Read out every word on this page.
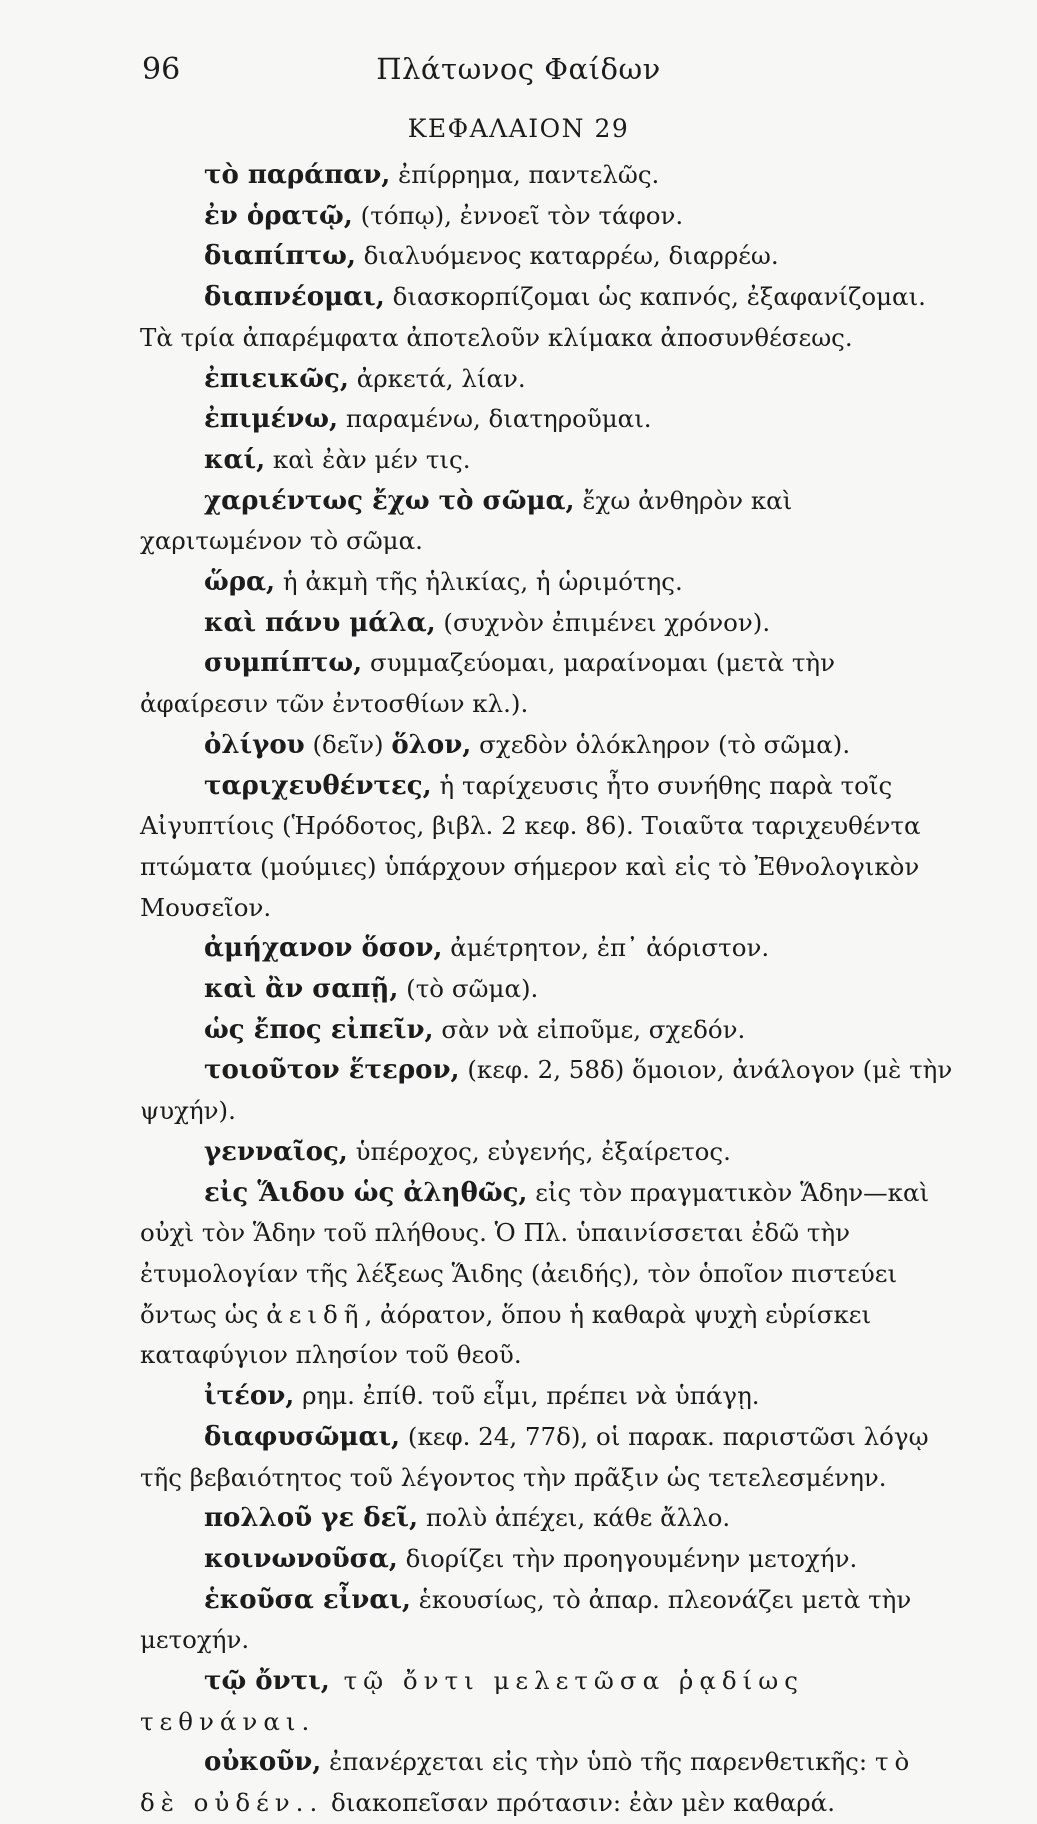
96	Πλάτωνος Φαίδων
ΚΕΦΑΛΑΙΟΝ 29

τὸ παράπαν, ἐπίρρημα, παντελῶς.

ἐν ὁρατῷ, (τόπῳ), ἐννοεῖ τὸν τάφον.

διαπίπτω, διαλυόμενος καταρρέω, διαρρέω.

διαπνέομαι, διασκορπίζομαι ὡς καπνός, ἐξαφανίζομαι. Τὰ τρία ἀπαρέμφατα ἀποτελοῦν κλίμακα ἀποσυνθέσεως.

ἐπιεικῶς, ἀρκετά, λίαν.

ἐπιμένω, παραμένω, διατηροῦμαι.

καί, καὶ ἐὰν μέν τις.

χαριέντως ἔχω τὸ σῶμα, ἔχω ἀνθηρὸν καὶ χαριτωμένον τὸ σῶμα.

ὥρα, ἡ ἀκμὴ τῆς ἡλικίας, ἡ ὡριμότης.

καὶ πάνυ μάλα, (συχνὸν ἐπιμένει χρόνον).

συμπίπτω, συμμαζεύομαι, μαραίνομαι (μετὰ τὴν ἀφαίρεσιν τῶν ἐντοσθίων κλ.).

ὀλίγου (δεῖν) ὅλον, σχεδὸν ὁλόκληρον (τὸ σῶμα).

ταριχευθέντες, ἡ ταρίχευσις ἦτο συνήθης παρὰ τοῖς Αἰγυπτίοις (Ἡρόδοτος, βιβλ. 2 κεφ. 86). Τοιαῦτα ταριχευθέντα πτώματα (μούμιες) ὑπάρχουν σήμερον καὶ εἰς τὸ Ἐθνολογικὸν Μουσεῖον.

ἀμήχανον ὅσον, ἀμέτρητον, ἐπ᾿ ἀόριστον.

καὶ ἂν σαπῇ, (τὸ σῶμα).

ὡς ἔπος εἰπεῖν, σὰν νὰ εἰποῦμε, σχεδόν.

τοιοῦτον ἕτερον, (κεφ. 2, 58δ) ὅμοιον, ἀνάλογον (μὲ τὴν ψυχήν).

γενναῖος, ὑπέροχος, εὐγενής, ἐξαίρετος.

εἰς Ἅιδου ὡς ἀληθῶς, εἰς τὸν πραγματικὸν Ἅδην—καὶ οὐχὶ τὸν Ἅδην τοῦ πλήθους. Ὁ Πλ. ὑπαινίσσεται ἐδῶ τὴν ἐτυμολογίαν τῆς λέξεως Ἅιδης (ἀειδής), τὸν ὁποῖον πιστεύει ὄντως ὡς ἀειδῆ, ἀόρατον, ὅπου ἡ καθαρὰ ψυχὴ εὑρίσκει καταφύγιον πλησίον τοῦ θεοῦ.

ἰτέον, ρημ. ἐπίθ. τοῦ εἶμι, πρέπει νὰ ὑπάγῃ.

διαφυσῶμαι, (κεφ. 24, 77δ), οἱ παρακ. παριστῶσι λόγῳ τῆς βεβαιότητος τοῦ λέγοντος τὴν πρᾶξιν ὡς τετελεσμένην.

πολλοῦ γε δεῖ, πολὺ ἀπέχει, κάθε ἄλλο.

κοινωνοῦσα, διορίζει τὴν προηγουμένην μετοχήν.

ἑκοῦσα εἶναι, ἑκουσίως, τὸ ἀπαρ. πλεονάζει μετὰ τὴν μετοχήν.

τῷ ὄντι, τῷ ὄντι μελετῶσα ῥᾳδίως τεθνάναι.

οὐκοῦν, ἐπανέρχεται εἰς τὴν ὑπὸ τῆς παρενθετικῆς: τὸ δὲ οὐδέν.. διακοπεῖσαν πρότασιν: ἐὰν μὲν καθαρά.
